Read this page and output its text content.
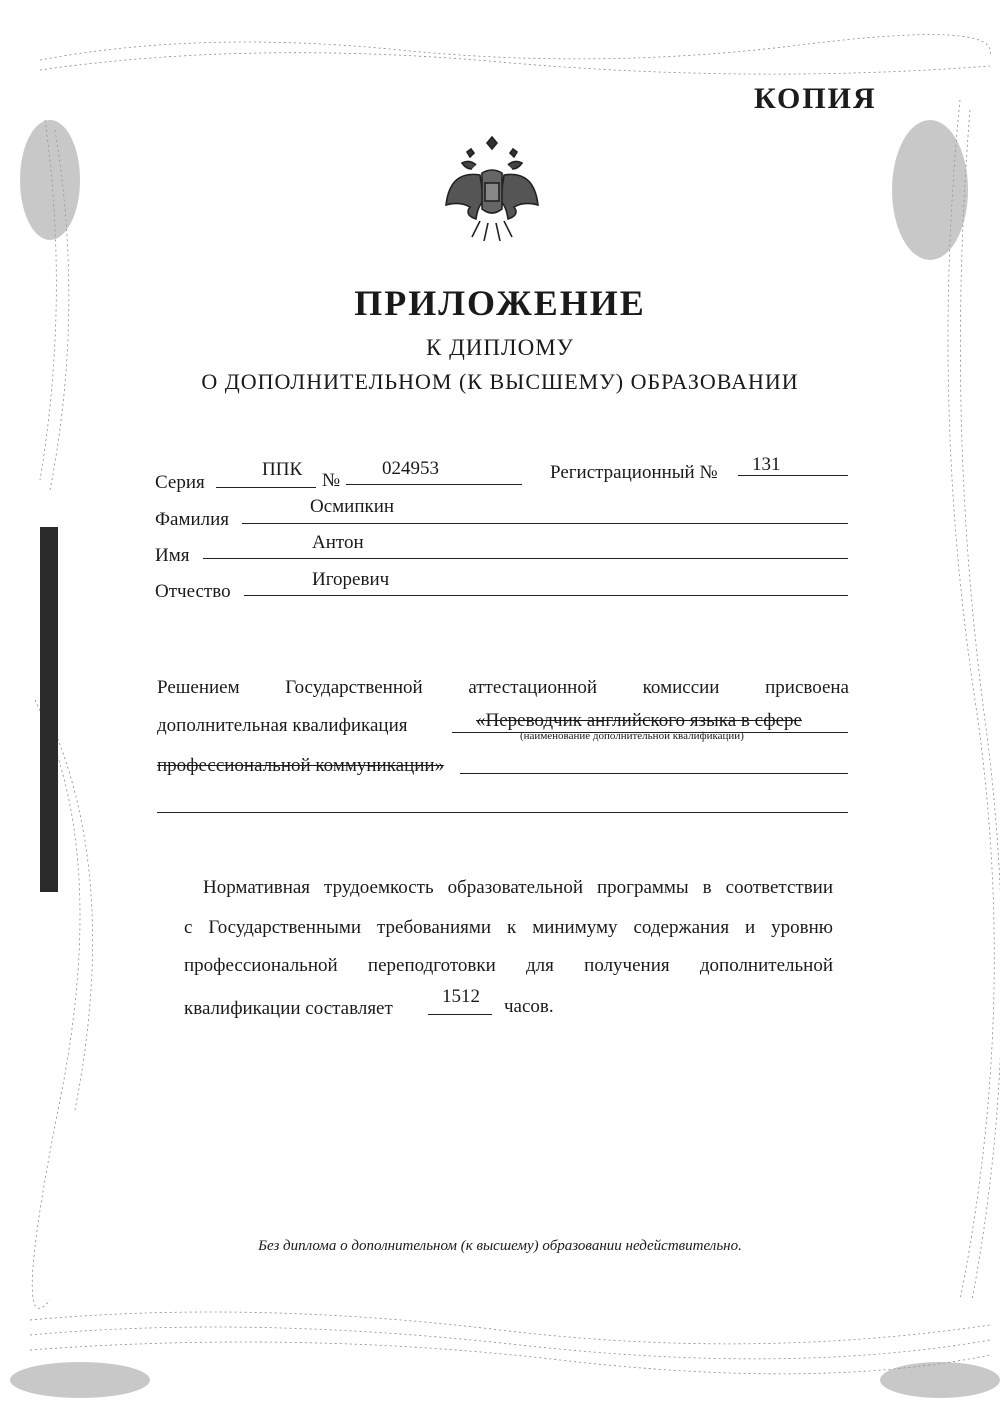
КОПИЯ
ПРИЛОЖЕНИЕ
К ДИПЛОМУ
О ДОПОЛНИТЕЛЬНОМ (К ВЫСШЕМУ) ОБРАЗОВАНИИ
Серия
ППК
№
024953	Регистрационный № 131
Фамилия
Осмипкин
Имя
Антон
Отчество
Игоревич
Решением Государственной аттестационной комиссии присвоена
дополнительная квалификация	«Переводчик английского языка в сфере
(наименование дополнительной квалификации)
профессиональной коммуникации»
Нормативная трудоемкость образовательной программы в соответствии
с Государственными требованиями к минимуму содержания и уровню
профессиональной переподготовки для получения дополнительной
квалификации составляет
1512 часов.
Без диплома о дополнительном (к высшему) образовании недействительно.
